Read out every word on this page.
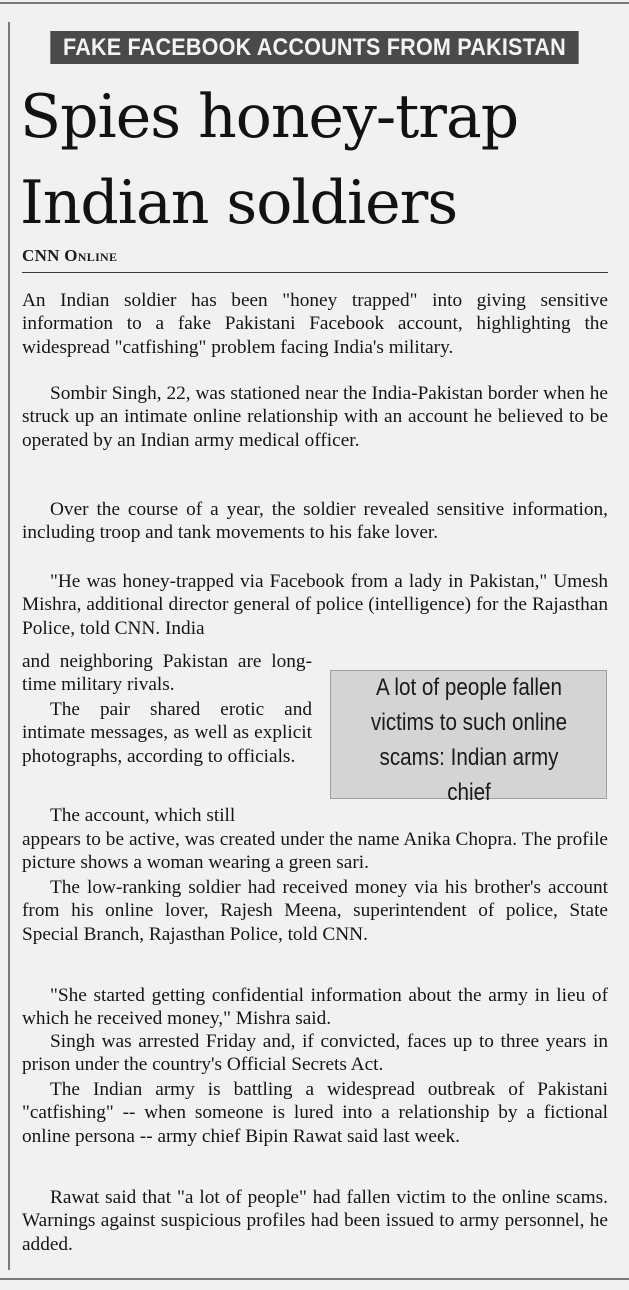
FAKE FACEBOOK ACCOUNTS FROM PAKISTAN
Spies honey-trap
Indian soldiers
CNN Online

An Indian soldier has been "honey trapped" into giving sensitive information to a fake Pakistani Facebook account, highlighting the widespread "catfishing" problem facing India's military.

Sombir Singh, 22, was stationed near the India-Pakistan border when he struck up an intimate online relationship with an account he believed to be operated by an Indian army medical officer.

Over the course of a year, the soldier revealed sensitive information, including troop and tank movements to his fake lover.

"He was honey-trapped via Facebook from a lady in Pakistan," Umesh Mishra, additional director general of police (intelligence) for the Rajasthan Police, told CNN. India

and neighboring Pakistan are long-time military rivals.

The pair shared erotic and intimate messages, as well as explicit photographs, according to officials.

The account, which still

appears to be active, was created under the name Anika Chopra. The profile picture shows a woman wearing a green sari.

The low-ranking soldier had received money via his brother's account from his online lover, Rajesh Meena, superintendent of police, State Special Branch, Rajasthan Police, told CNN.

"She started getting confidential information about the army in lieu of which he received money," Mishra said.

Singh was arrested Friday and, if convicted, faces up to three years in prison under the country's Official Secrets Act.

The Indian army is battling a widespread outbreak of Pakistani "catfishing" -- when someone is lured into a relationship by a fictional online persona -- army chief Bipin Rawat said last week.

Rawat said that "a lot of people" had fallen victim to the online scams. Warnings against suspicious profiles had been issued to army personnel, he added.

A lot of people fallen victims to such online scams: Indian army chief
